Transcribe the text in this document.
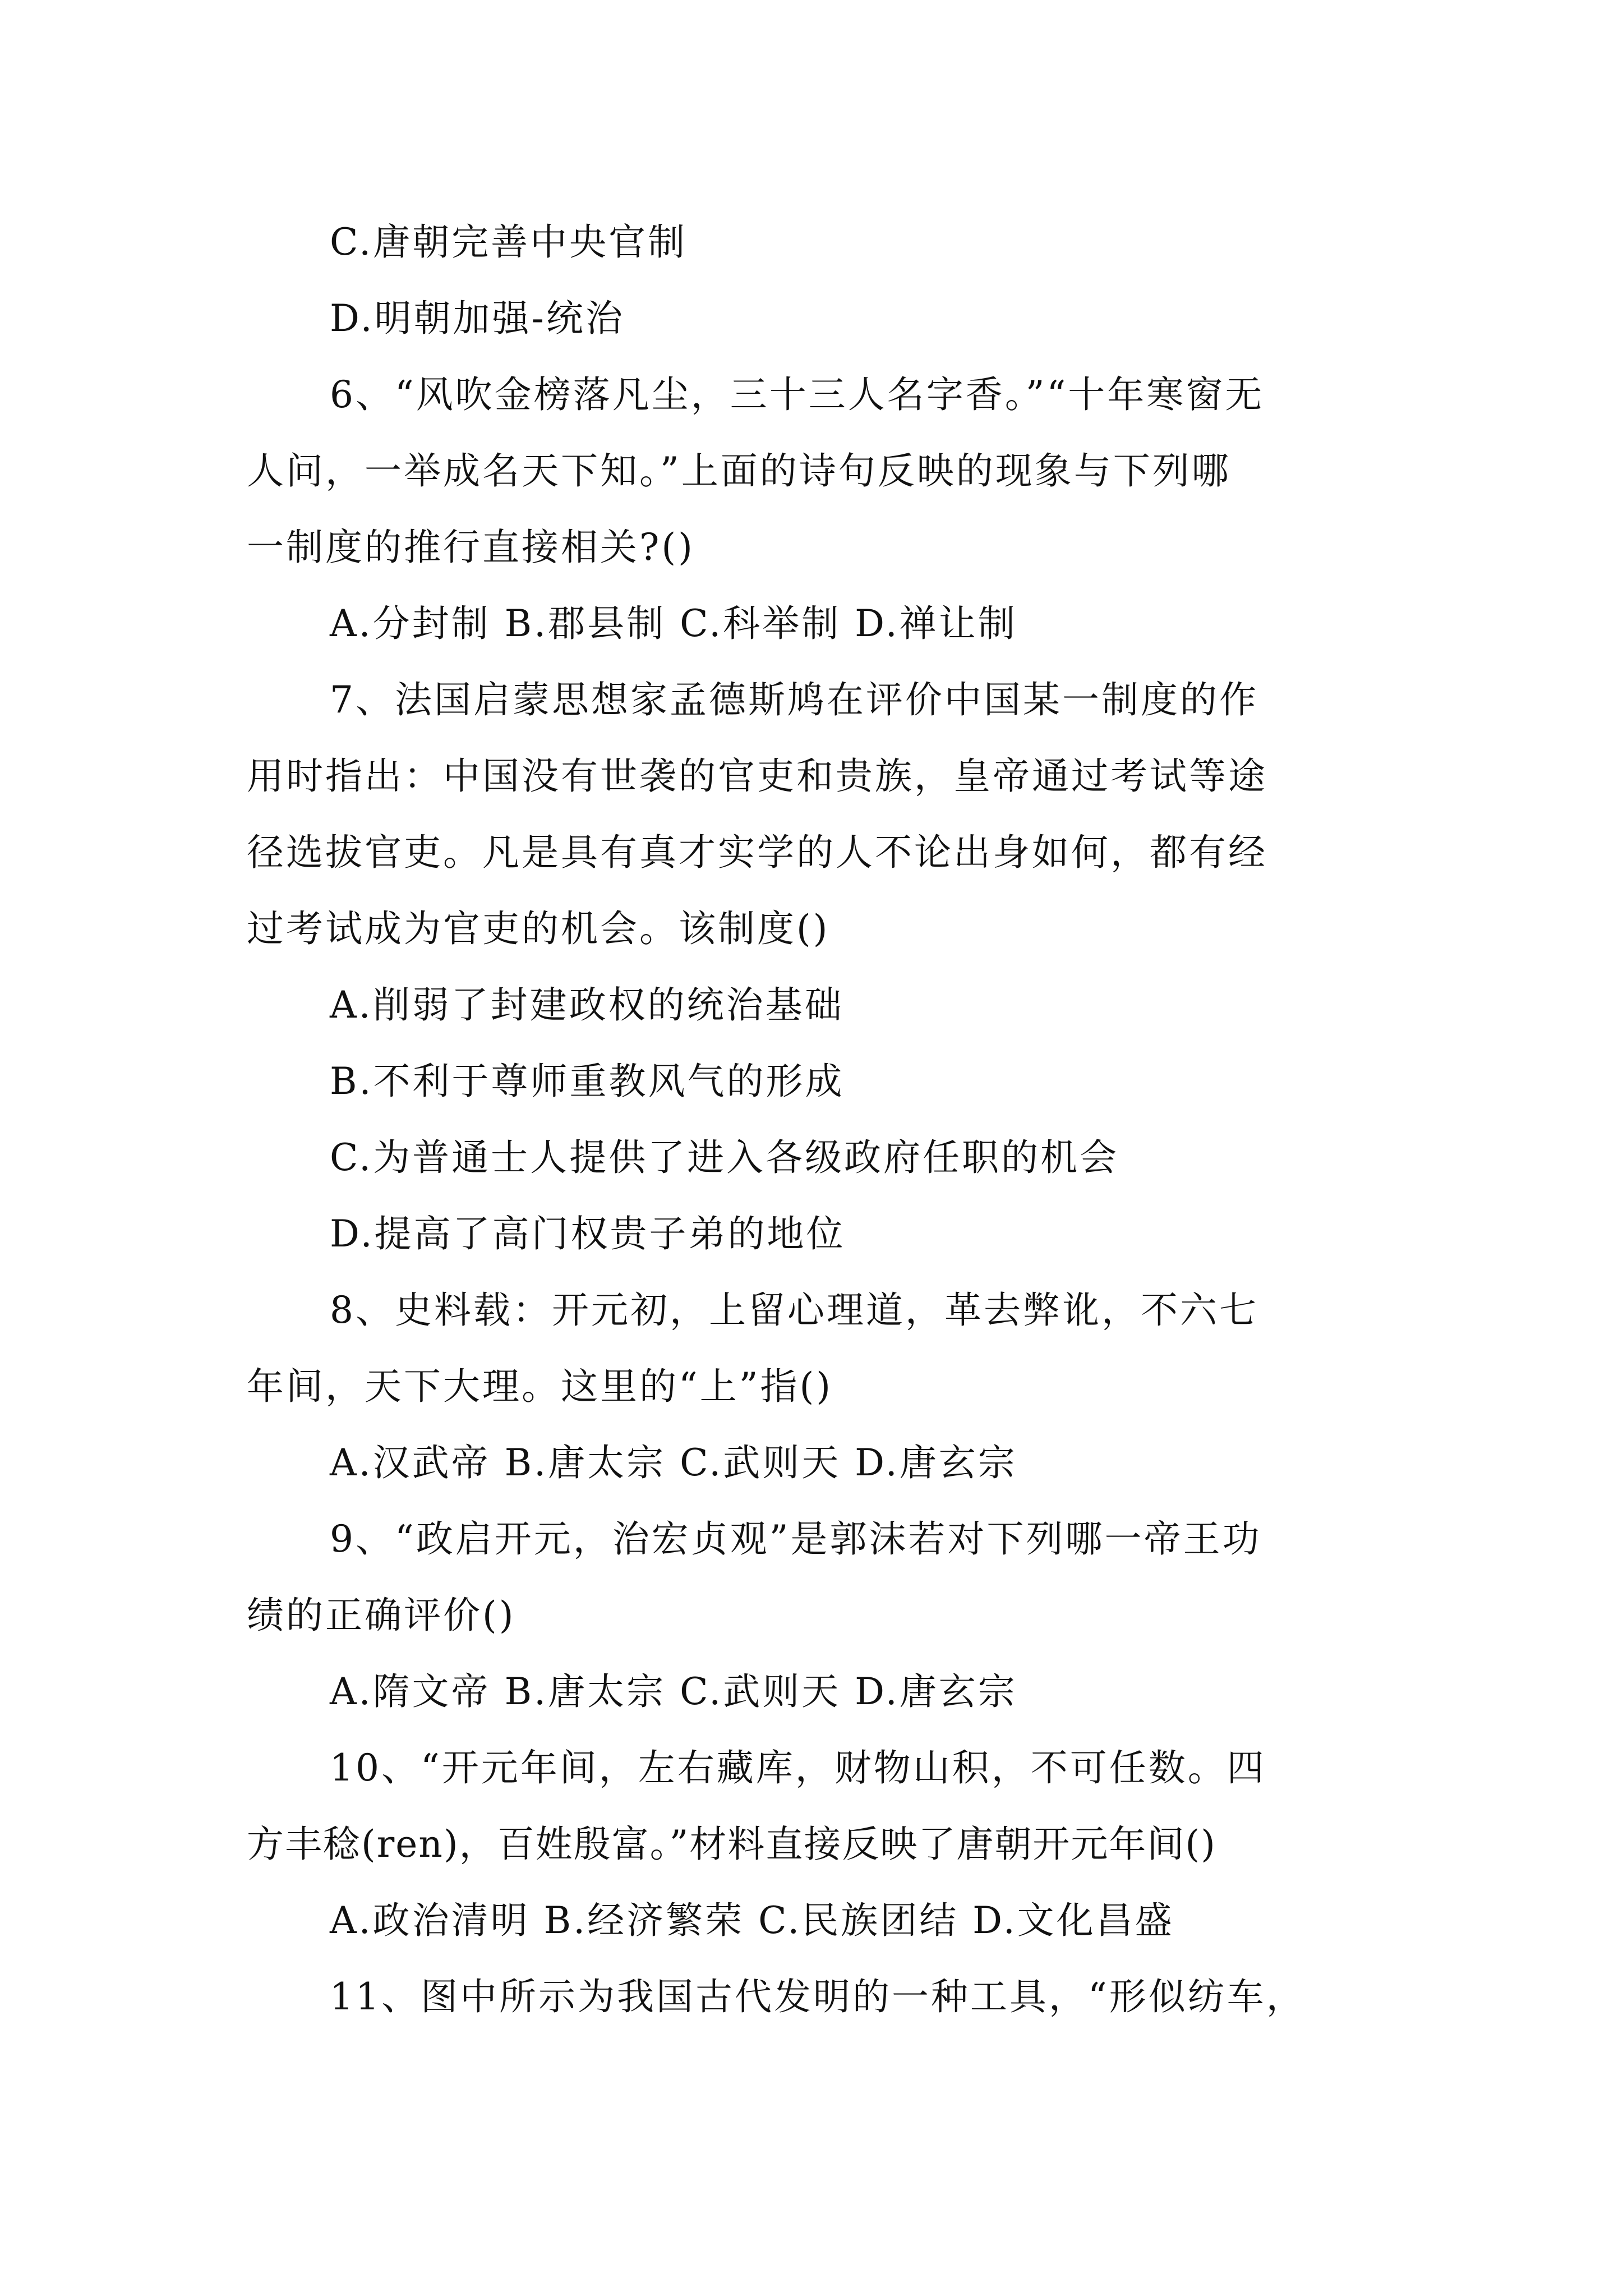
C.唐朝完善中央官制
D.明朝加强-统治
6、“风吹金榜落凡尘，三十三人名字香。”“十年寒窗无
人问，一举成名天下知。”上面的诗句反映的现象与下列哪
一制度的推行直接相关?()
A.分封制 B.郡县制 C.科举制 D.禅让制
7、法国启蒙思想家孟德斯鸠在评价中国某一制度的作
用时指出：中国没有世袭的官吏和贵族，皇帝通过考试等途
径选拔官吏。凡是具有真才实学的人不论出身如何，都有经
过考试成为官吏的机会。该制度()
A.削弱了封建政权的统治基础
B.不利于尊师重教风气的形成
C.为普通士人提供了进入各级政府任职的机会
D.提高了高门权贵子弟的地位
8、史料载：开元初，上留心理道，革去弊讹，不六七
年间，天下大理。这里的“上”指()
A.汉武帝 B.唐太宗 C.武则天 D.唐玄宗
9、“政启开元，治宏贞观”是郭沫若对下列哪一帝王功
绩的正确评价()
A.隋文帝 B.唐太宗 C.武则天 D.唐玄宗
10、“开元年间，左右藏库，财物山积，不可任数。四
方丰稔(ren)，百姓殷富。”材料直接反映了唐朝开元年间()
A.政治清明 B.经济繁荣 C.民族团结 D.文化昌盛
11、图中所示为我国古代发明的一种工具，“形似纺车，
